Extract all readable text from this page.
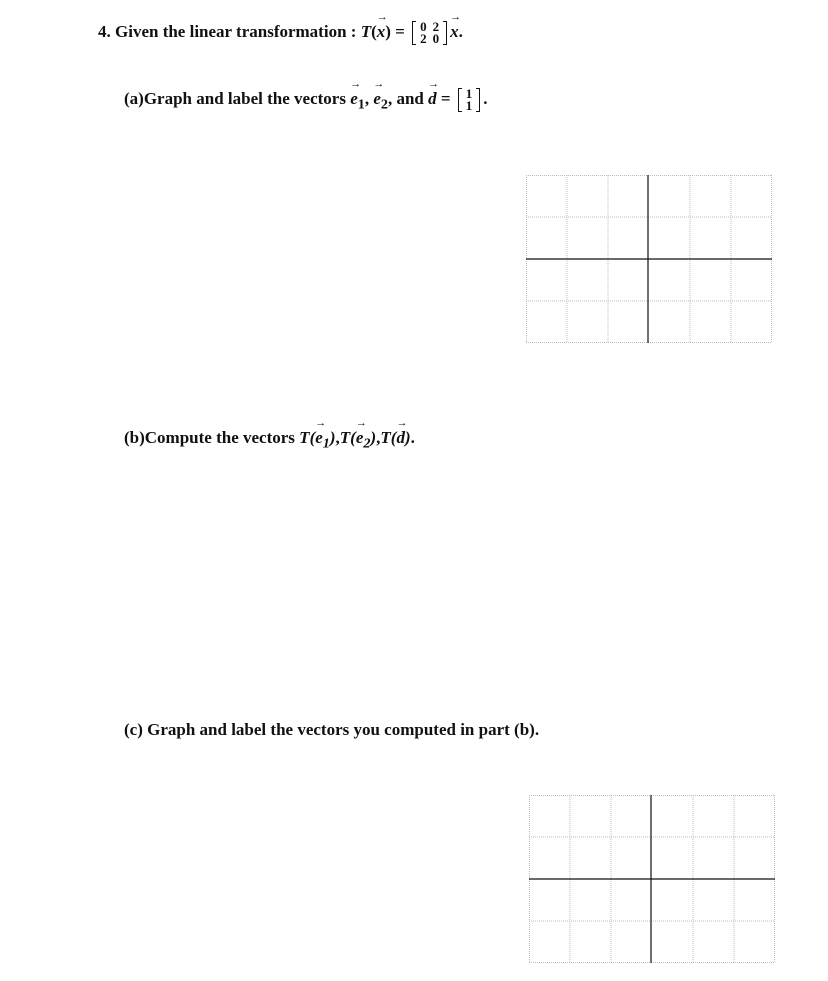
4. Given the linear transformation : T(→ x) = 0	2
2	0 → x.
(a)Graph and label the vectors → $e_1$, → $e_2$, and → d = 1
1 .
(b)Compute the vectors $T(\to e_1),T(\to e_2),T(\to d)$.
(c) Graph and label the vectors you computed in part (b).
